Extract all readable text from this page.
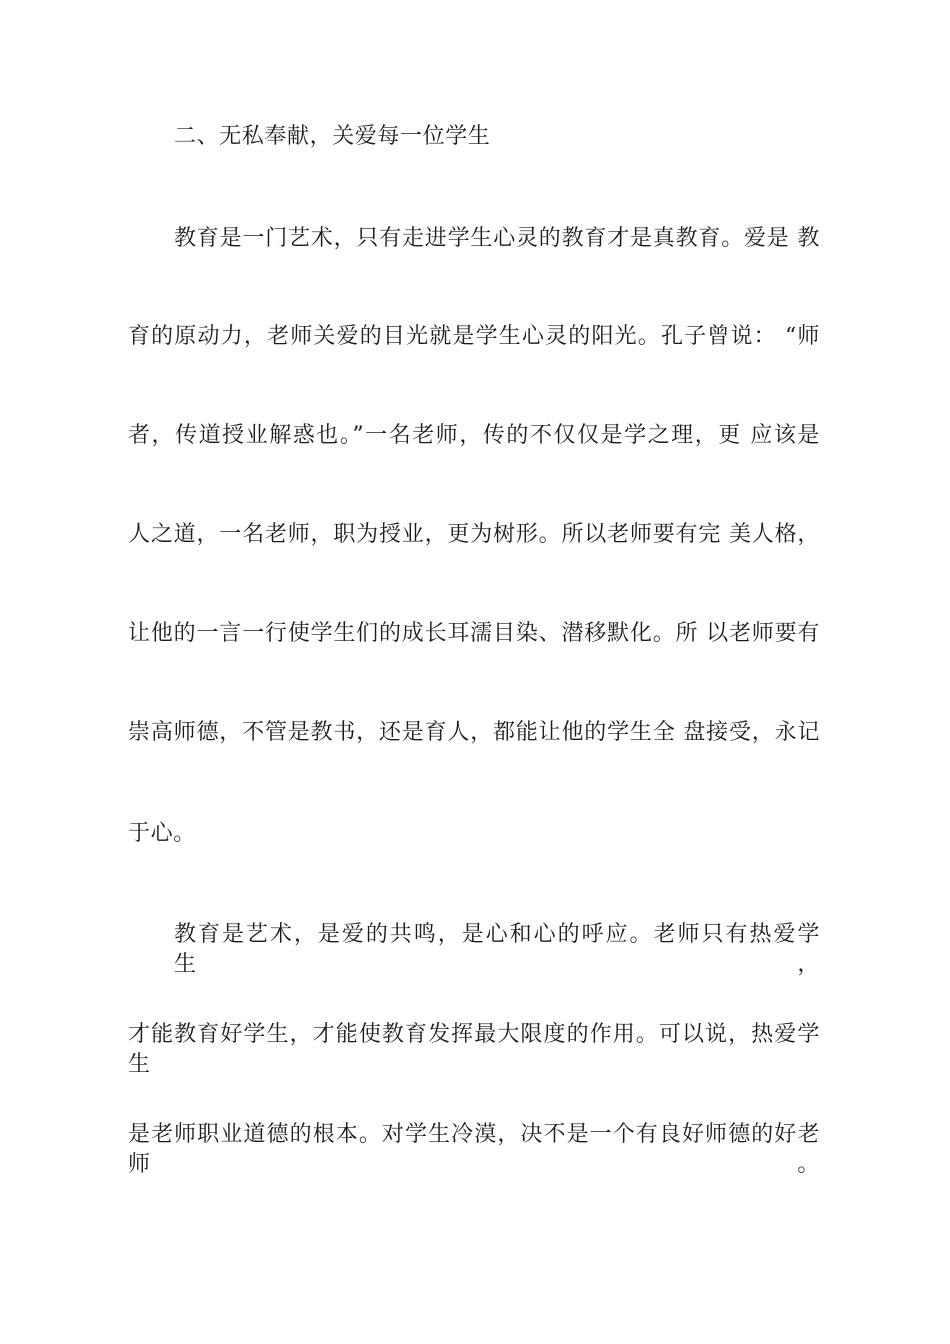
二、无私奉献，关爱每一位学生

教育是一门艺术，只有走进学生心灵的教育才是真教育。爱是 教

育的原动力，老师关爱的目光就是学生心灵的阳光。孔子曾说： “师

者，传道授业解惑也。”一名老师，传的不仅仅是学之理，更 应该是

人之道，一名老师，职为授业，更为树形。所以老师要有完 美人格，

让他的一言一行使学生们的成长耳濡目染、潜移默化。所 以老师要有

崇高师德，不管是教书，还是育人，都能让他的学生全 盘接受，永记

于心。

教育是艺术，是爱的共鸣，是心和心的呼应。老师只有热爱学生，

才能教育好学生，才能使教育发挥最大限度的作用。可以说，热爱学生

是老师职业道德的根本。对学生冷漠，决不是一个有良好师德的好老师。
